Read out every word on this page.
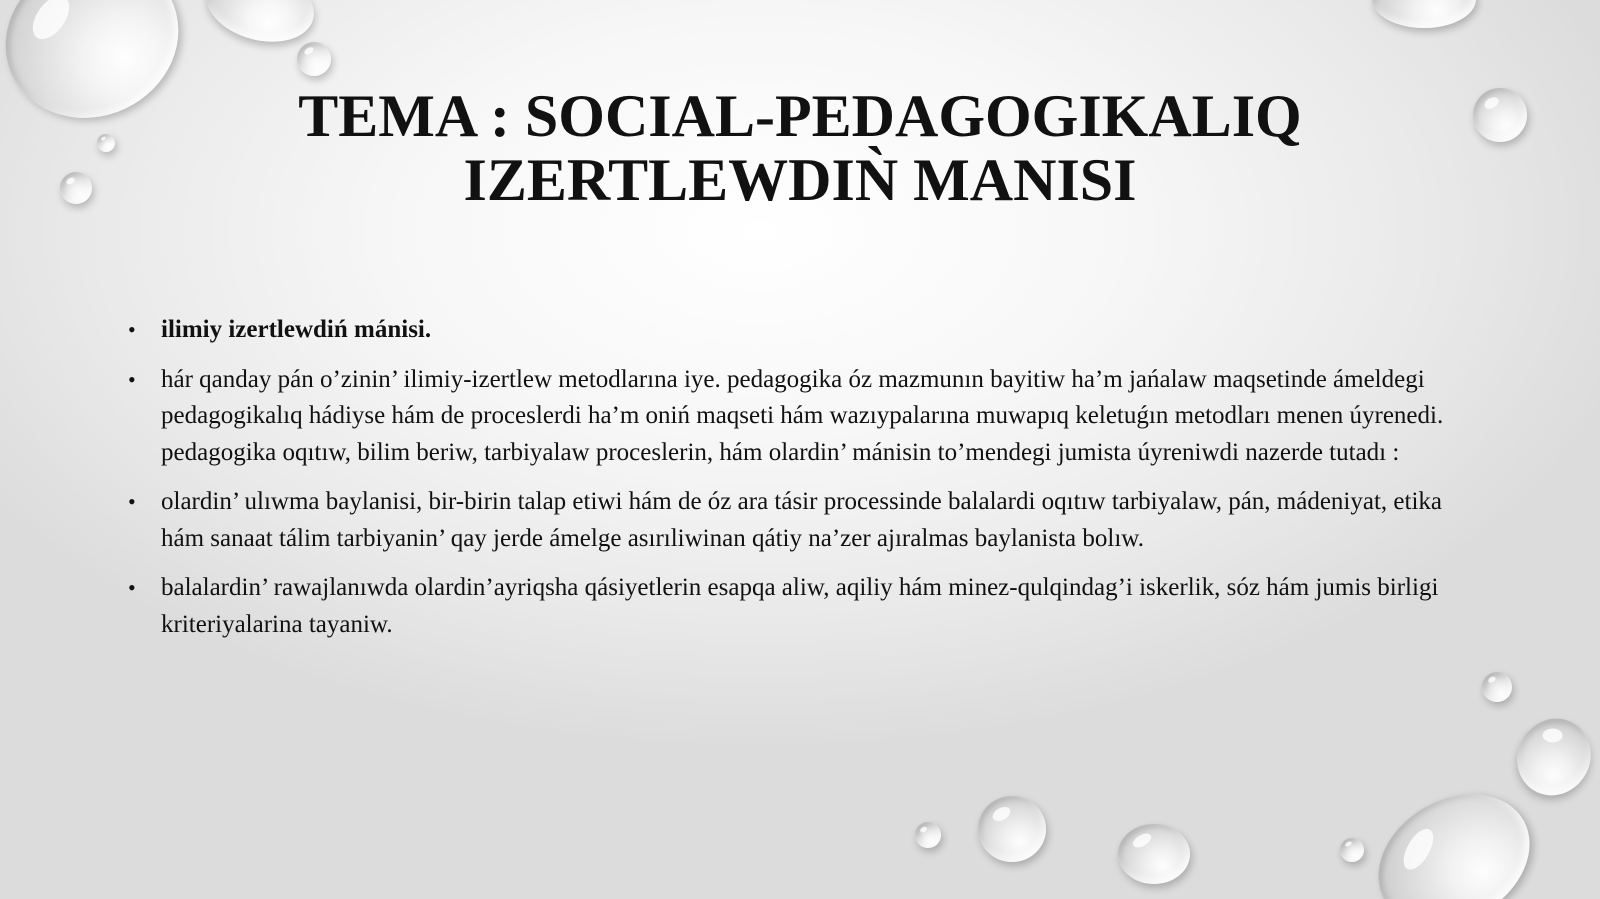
TEMA : SOCIAL-PEDAGOGIKALIQ
IZERTLEWDIǸ MANISI
• ilimiy izertlewdiń mánisi.
• hár qanday pán o’zinin’ ilimiy-izertlew metodlarına iye. pedagogika óz mazmunın bayitiw ha’m jańalaw maqsetinde ámeldegi pedagogikalıq hádiyse hám de proceslerdi ha’m oniń maqseti hám wazıypalarına muwapıq keletuǵın metodları menen úyrenedi. pedagogika oqıtıw, bilim beriw, tarbiyalaw proceslerin, hám olardin’ mánisin to’mendegi jumista úyreniwdi nazerde tutadı :
• olardin’ ulıwma baylanisi, bir-birin talap etiwi hám de óz ara tásir processinde balalardi oqıtıw tarbiyalaw, pán, mádeniyat, etika hám sanaat tálim tarbiyanin’ qay jerde ámelge asırıliwinan qátiy na’zer ajıralmas baylanista bolıw.
• balalardin’ rawajlanıwda olardin’ayriqsha qásiyetlerin esapqa aliw, aqiliy hám minez-qulqindag’i iskerlik, sóz hám jumis birligi kriteriyalarina tayaniw.
